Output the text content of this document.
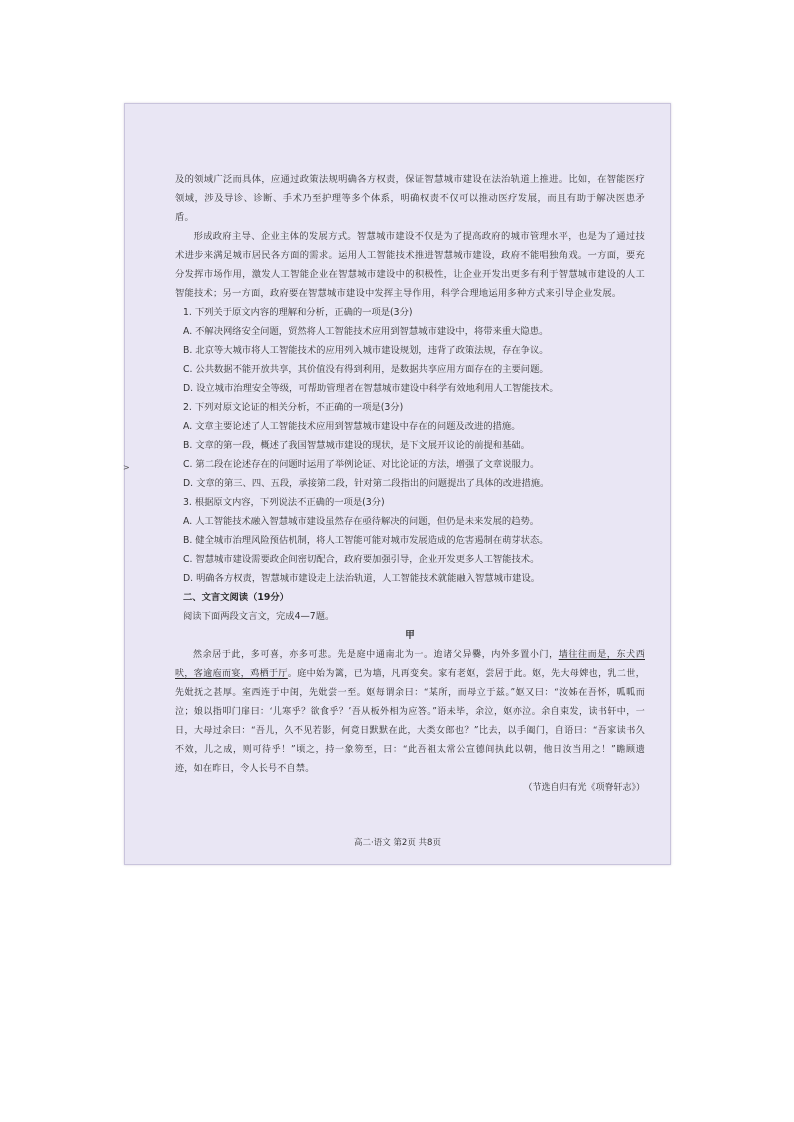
及的领域广泛而具体，应通过政策法规明确各方权责，保证智慧城市建设在法治轨道上推进。比如，在智能医疗领域，涉及导诊、诊断、手术乃至护理等多个体系，明确权责不仅可以推动医疗发展，而且有助于解决医患矛盾。

形成政府主导、企业主体的发展方式。智慧城市建设不仅是为了提高政府的城市管理水平，也是为了通过技术进步来满足城市居民各方面的需求。运用人工智能技术推进智慧城市建设，政府不能唱独角戏。一方面，要充分发挥市场作用，激发人工智能企业在智慧城市建设中的积极性，让企业开发出更多有利于智慧城市建设的人工智能技术；另一方面，政府要在智慧城市建设中发挥主导作用，科学合理地运用多种方式来引导企业发展。

1. 下列关于原文内容的理解和分析，正确的一项是(3分)

A. 不解决网络安全问题，贸然将人工智能技术应用到智慧城市建设中，将带来重大隐患。

B. 北京等大城市将人工智能技术的应用列入城市建设规划，违背了政策法规，存在争议。

C. 公共数据不能开放共享，其价值没有得到利用，是数据共享应用方面存在的主要问题。

D. 设立城市治理安全等级，可帮助管理者在智慧城市建设中科学有效地利用人工智能技术。

2. 下列对原文论证的相关分析，不正确的一项是(3分)

A. 文章主要论述了人工智能技术应用到智慧城市建设中存在的问题及改进的措施。

B. 文章的第一段，概述了我国智慧城市建设的现状，是下文展开议论的前提和基础。

C. 第二段在论述存在的问题时运用了举例论证、对比论证的方法，增强了文章说服力。

D. 文章的第三、四、五段，承接第二段，针对第二段指出的问题提出了具体的改进措施。

3. 根据原文内容，下列说法不正确的一项是(3分)

A. 人工智能技术融入智慧城市建设虽然存在亟待解决的问题，但仍是未来发展的趋势。

B. 健全城市治理风险预估机制，将人工智能可能对城市发展造成的危害遏制在萌芽状态。

C. 智慧城市建设需要政企间密切配合，政府要加强引导，企业开发更多人工智能技术。

D. 明确各方权责，智慧城市建设走上法治轨道，人工智能技术就能融入智慧城市建设。

二、文言文阅读（19分）

阅读下面两段文言文，完成4—7题。

甲

然余居于此，多可喜，亦多可悲。先是庭中通南北为一。迨诸父异爨，内外多置小门，墙往往而是，东犬西吠，客逾庖而宴，鸡栖于厅。庭中始为篱，已为墙，凡再变矣。家有老妪，尝居于此。妪，先大母婢也，乳二世，先妣抚之甚厚。室西连于中闺，先妣尝一至。妪每谓余曰：“某所，而母立于兹。”妪又曰：“汝姊在吾怀，呱呱而泣；娘以指叩门扉曰：‘儿寒乎？欲食乎？’吾从板外相为应答。”语未毕，余泣，妪亦泣。余自束发，读书轩中，一日，大母过余曰：“吾儿，久不见若影，何竟日默默在此，大类女郎也？”比去，以手阖门，自语曰：“吾家读书久不效，儿之成，则可待乎！”顷之，持一象笏至，曰：“此吾祖太常公宣德间执此以朝，他日汝当用之！”瞻顾遗迹，如在昨日，令人长号不自禁。

（节选自归有光《项脊轩志》）

高二·语文 第2页 共8页
>
